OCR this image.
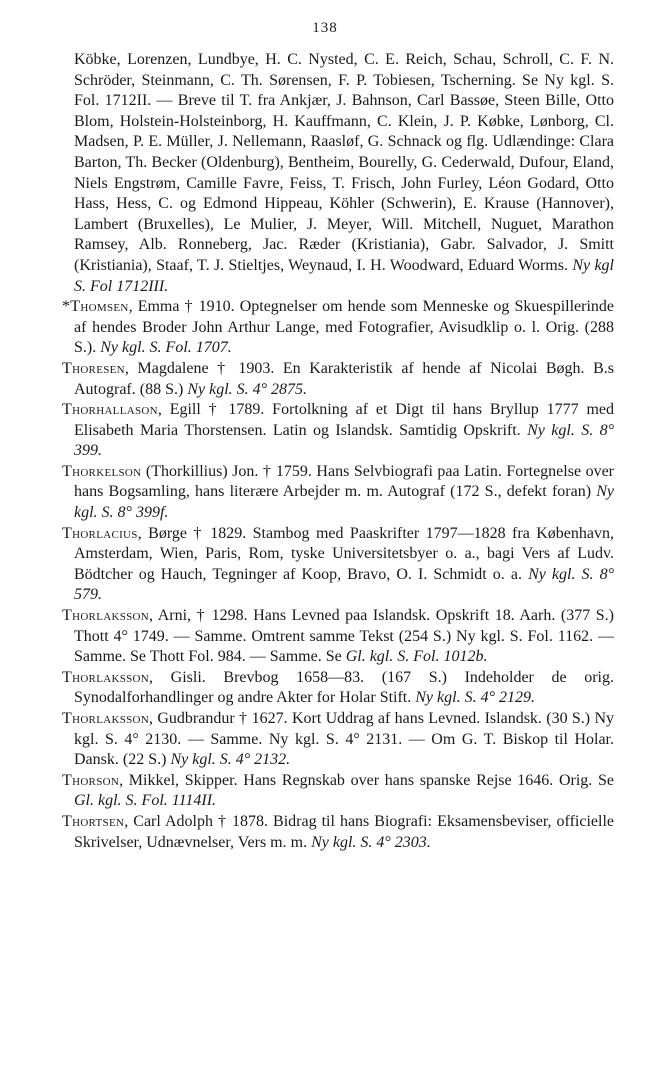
138

Köbke, Lorenzen, Lundbye, H. C. Nysted, C. E. Reich, Schau, Schroll, C. F. N. Schröder, Steinmann, C. Th. Sørensen, F. P. Tobiesen, Tscherning. Se Ny kgl. S. Fol. 1712II. — Breve til T. fra Ankjær, J. Bahnson, Carl Bassøe, Steen Bille, Otto Blom, Holstein-Holsteinborg, H. Kauffmann, C. Klein, J. P. Købke, Lønborg, Cl. Madsen, P. E. Müller, J. Nellemann, Raasløf, G. Schnack og flg. Udlændinge: Clara Barton, Th. Becker (Oldenburg), Bentheim, Bourelly, G. Cederwald, Dufour, Eland, Niels Engstrøm, Camille Favre, Feiss, T. Frisch, John Furley, Léon Godard, Otto Hass, Hess, C. og Edmond Hippeau, Köhler (Schwerin), E. Krause (Hannover), Lambert (Bruxelles), Le Mulier, J. Meyer, Will. Mitchell, Nuguet, Marathon Ramsey, Alb. Ronneberg, Jac. Ræder (Kristiania), Gabr. Salvador, J. Smitt (Kristiania), Staaf, T. J. Stieltjes, Weynaud, I. H. Woodward, Eduard Worms. Ny kgl S. Fol 1712III.

*Thomsen, Emma † 1910. Optegnelser om hende som Menneske og Skuespillerinde af hendes Broder John Arthur Lange, med Fotografier, Avisudklip o. l. Orig. (288 S.). Ny kgl. S. Fol. 1707.

Thoresen, Magdalene † 1903. En Karakteristik af hende af Nicolai Bøgh. B.s Autograf. (88 S.) Ny kgl. S. 4° 2875.

Thorhallason, Egill † 1789. Fortolkning af et Digt til hans Bryllup 1777 med Elisabeth Maria Thorstensen. Latin og Islandsk. Samtidig Opskrift. Ny kgl. S. 8° 399.

Thorkelson (Thorkillius) Jon. † 1759. Hans Selvbiografi paa Latin. Fortegnelse over hans Bogsamling, hans literære Arbejder m. m. Autograf (172 S., defekt foran) Ny kgl. S. 8° 399f.

Thorlacius, Børge † 1829. Stambog med Paaskrifter 1797—1828 fra København, Amsterdam, Wien, Paris, Rom, tyske Universitetsbyer o. a., bagi Vers af Ludv. Bödtcher og Hauch, Tegninger af Koop, Bravo, O. I. Schmidt o. a. Ny kgl. S. 8° 579.

Thorlaksson, Arni, † 1298. Hans Levned paa Islandsk. Opskrift 18. Aarh. (377 S.) Thott 4° 1749. — Samme. Omtrent samme Tekst (254 S.) Ny kgl. S. Fol. 1162. — Samme. Se Thott Fol. 984. — Samme. Se Gl. kgl. S. Fol. 1012b.

Thorlaksson, Gisli. Brevbog 1658—83. (167 S.) Indeholder de orig. Synodalforhandlinger og andre Akter for Holar Stift. Ny kgl. S. 4° 2129.

Thorlaksson, Gudbrandur † 1627. Kort Uddrag af hans Levned. Islandsk. (30 S.) Ny kgl. S. 4° 2130. — Samme. Ny kgl. S. 4° 2131. — Om G. T. Biskop til Holar. Dansk. (22 S.) Ny kgl. S. 4° 2132.

Thorson, Mikkel, Skipper. Hans Regnskab over hans spanske Rejse 1646. Orig. Se Gl. kgl. S. Fol. 1114II.

Thortsen, Carl Adolph † 1878. Bidrag til hans Biografi: Eksamensbeviser, officielle Skrivelser, Udnævnelser, Vers m. m. Ny kgl. S. 4° 2303.
